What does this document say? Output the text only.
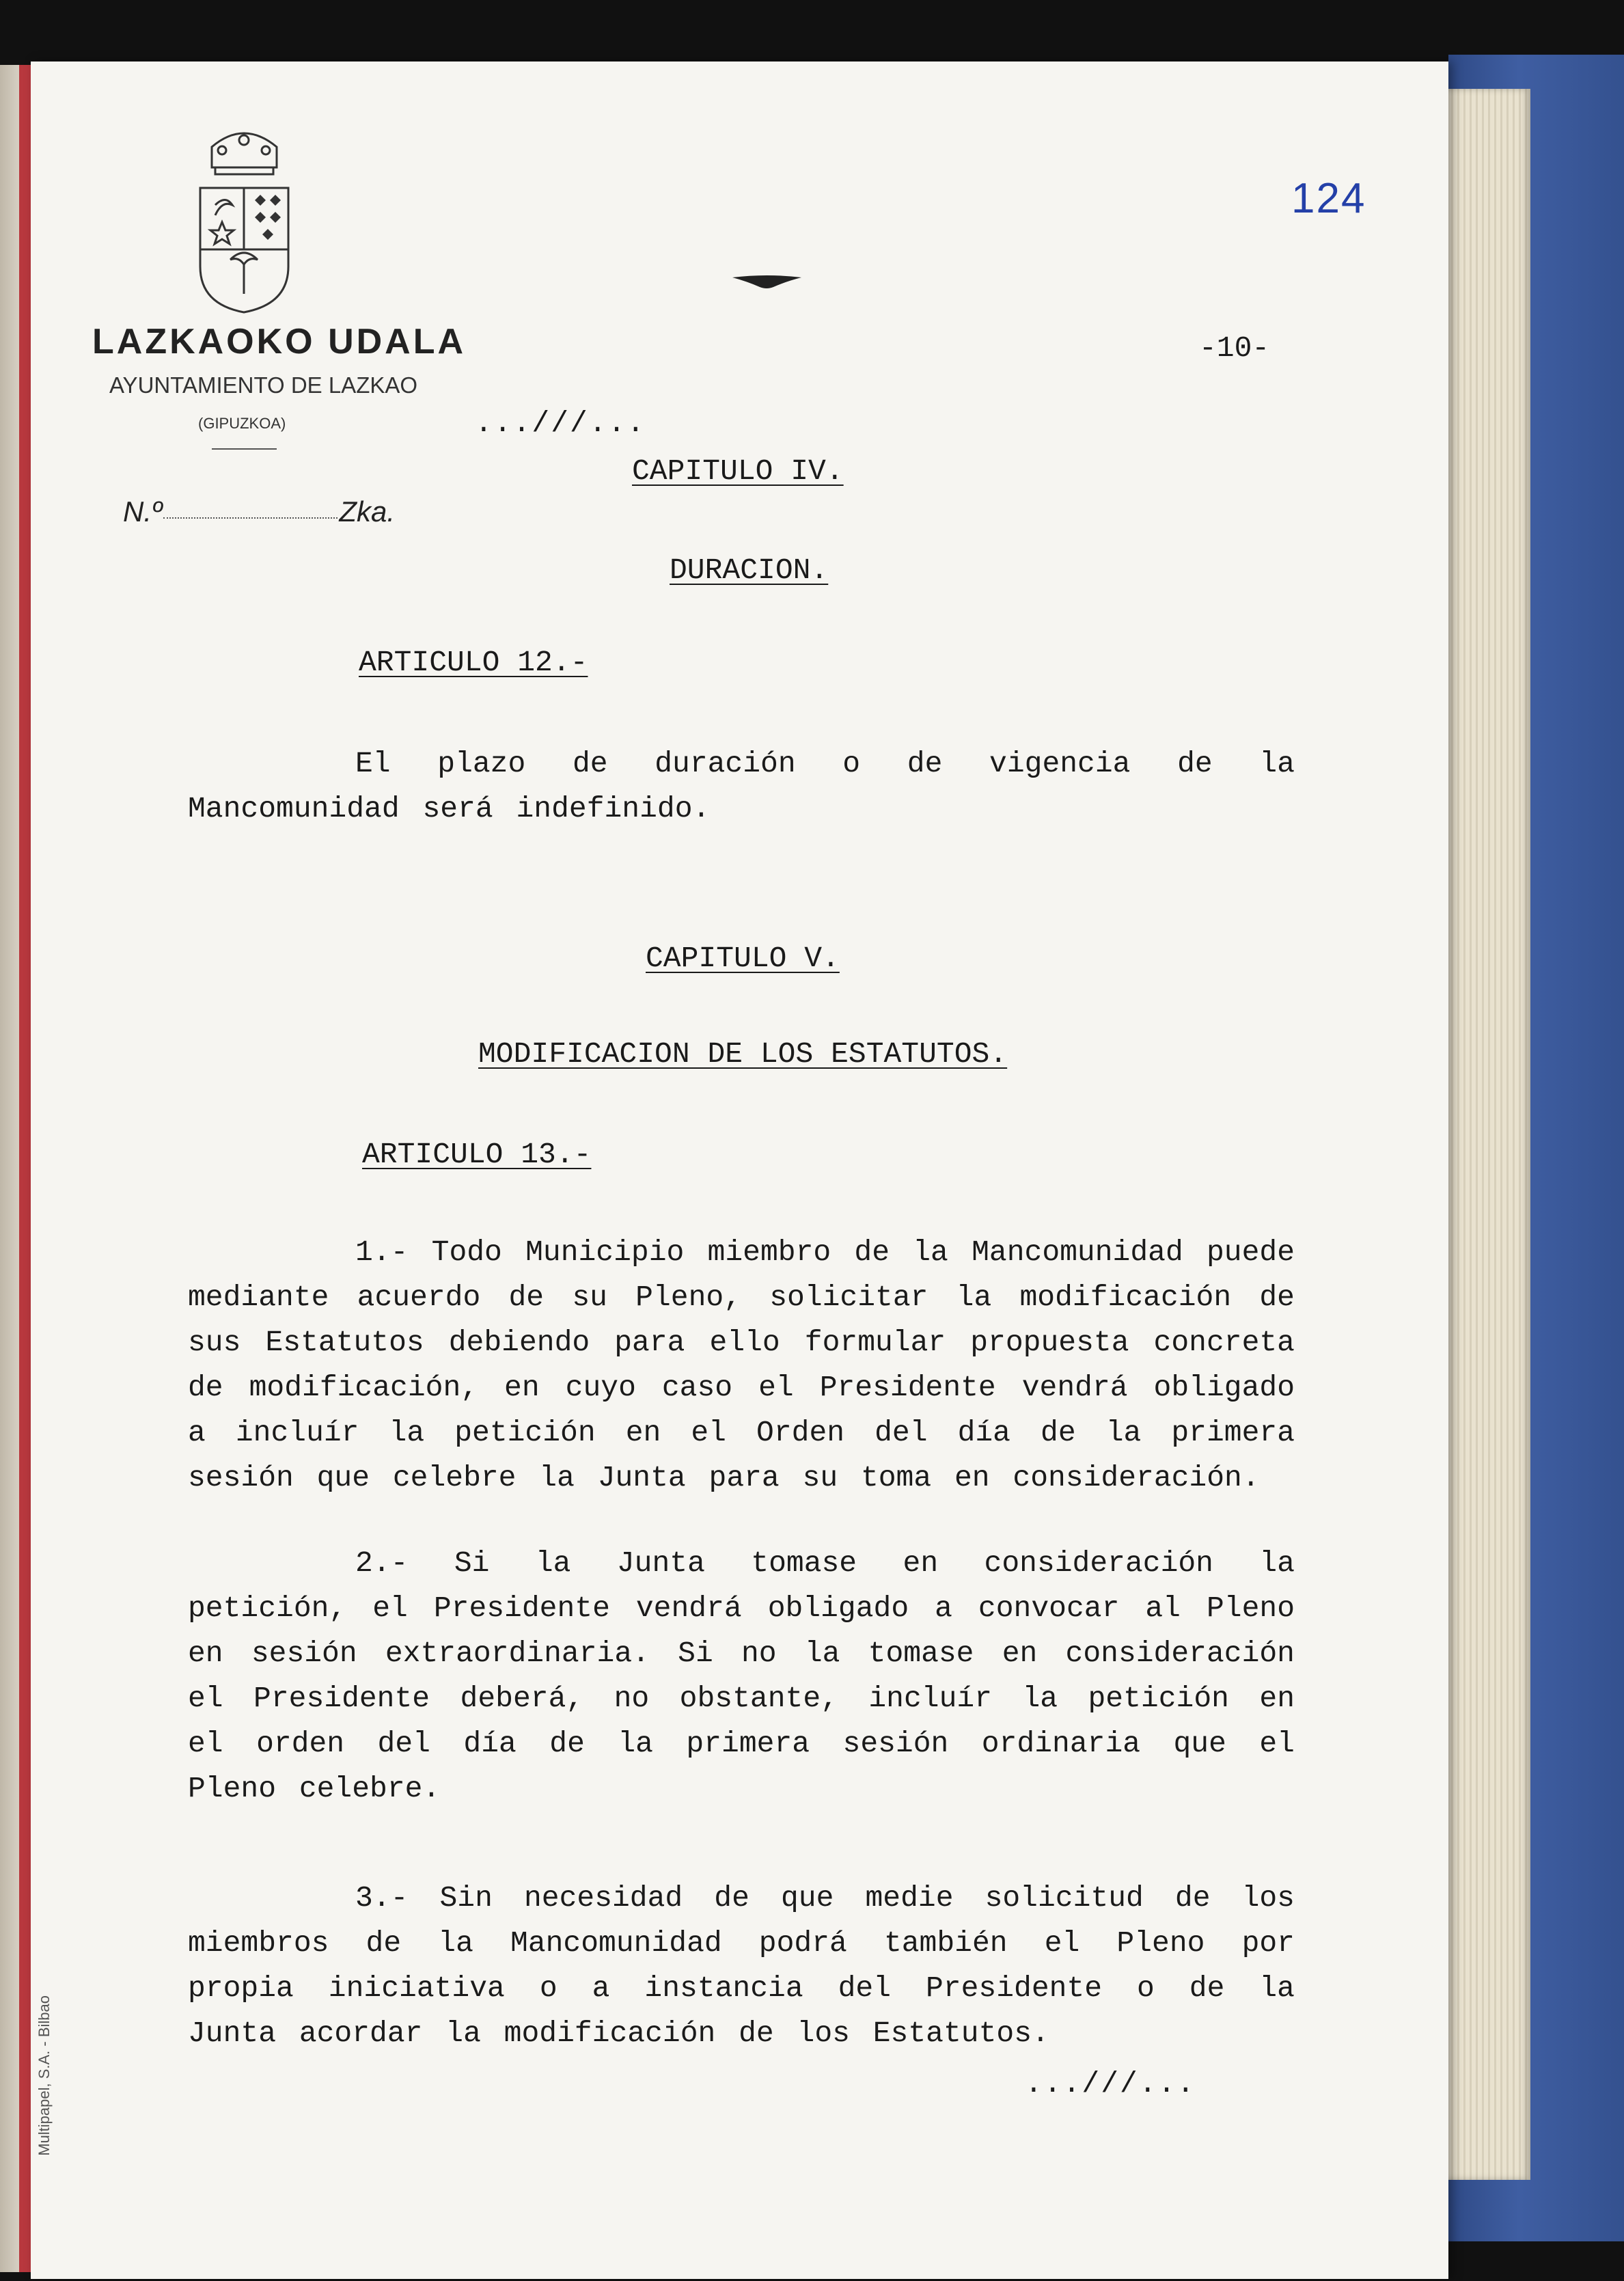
Multipapel, S.A. - Bilbao
LAZKAOKO UDALA
AYUNTAMIENTO DE LAZKAO
(GIPUZKOA)
N.º	Zka.
124
-10-
...///...
CAPITULO IV.
DURACION.
ARTICULO 12.-
El plazo de duración o de vigencia de la Mancomunidad será indefinido.
CAPITULO V.
MODIFICACION DE LOS ESTATUTOS.
ARTICULO 13.-
1.- Todo Municipio miembro de la Mancomunidad puede mediante acuerdo de su Pleno, solicitar la modificación de sus Estatutos debiendo para ello formular propuesta concreta de modificación, en cuyo caso el Presidente vendrá obligado a incluír la petición en el Orden del día de la primera sesión que celebre la Junta para su toma en consideración.
2.- Si la Junta tomase en consideración la petición, el Presidente vendrá obligado a convocar al Pleno en sesión extraordinaria. Si no la tomase en consideración el Presidente deberá, no obstante, incluír la petición en el orden del día de la primera sesión ordinaria que el Pleno celebre.
3.- Sin necesidad de que medie solicitud de los miembros de la Mancomunidad podrá también el Pleno por propia iniciativa o a instancia del Presidente o de la Junta acordar la modificación de los Estatutos.
...///...
